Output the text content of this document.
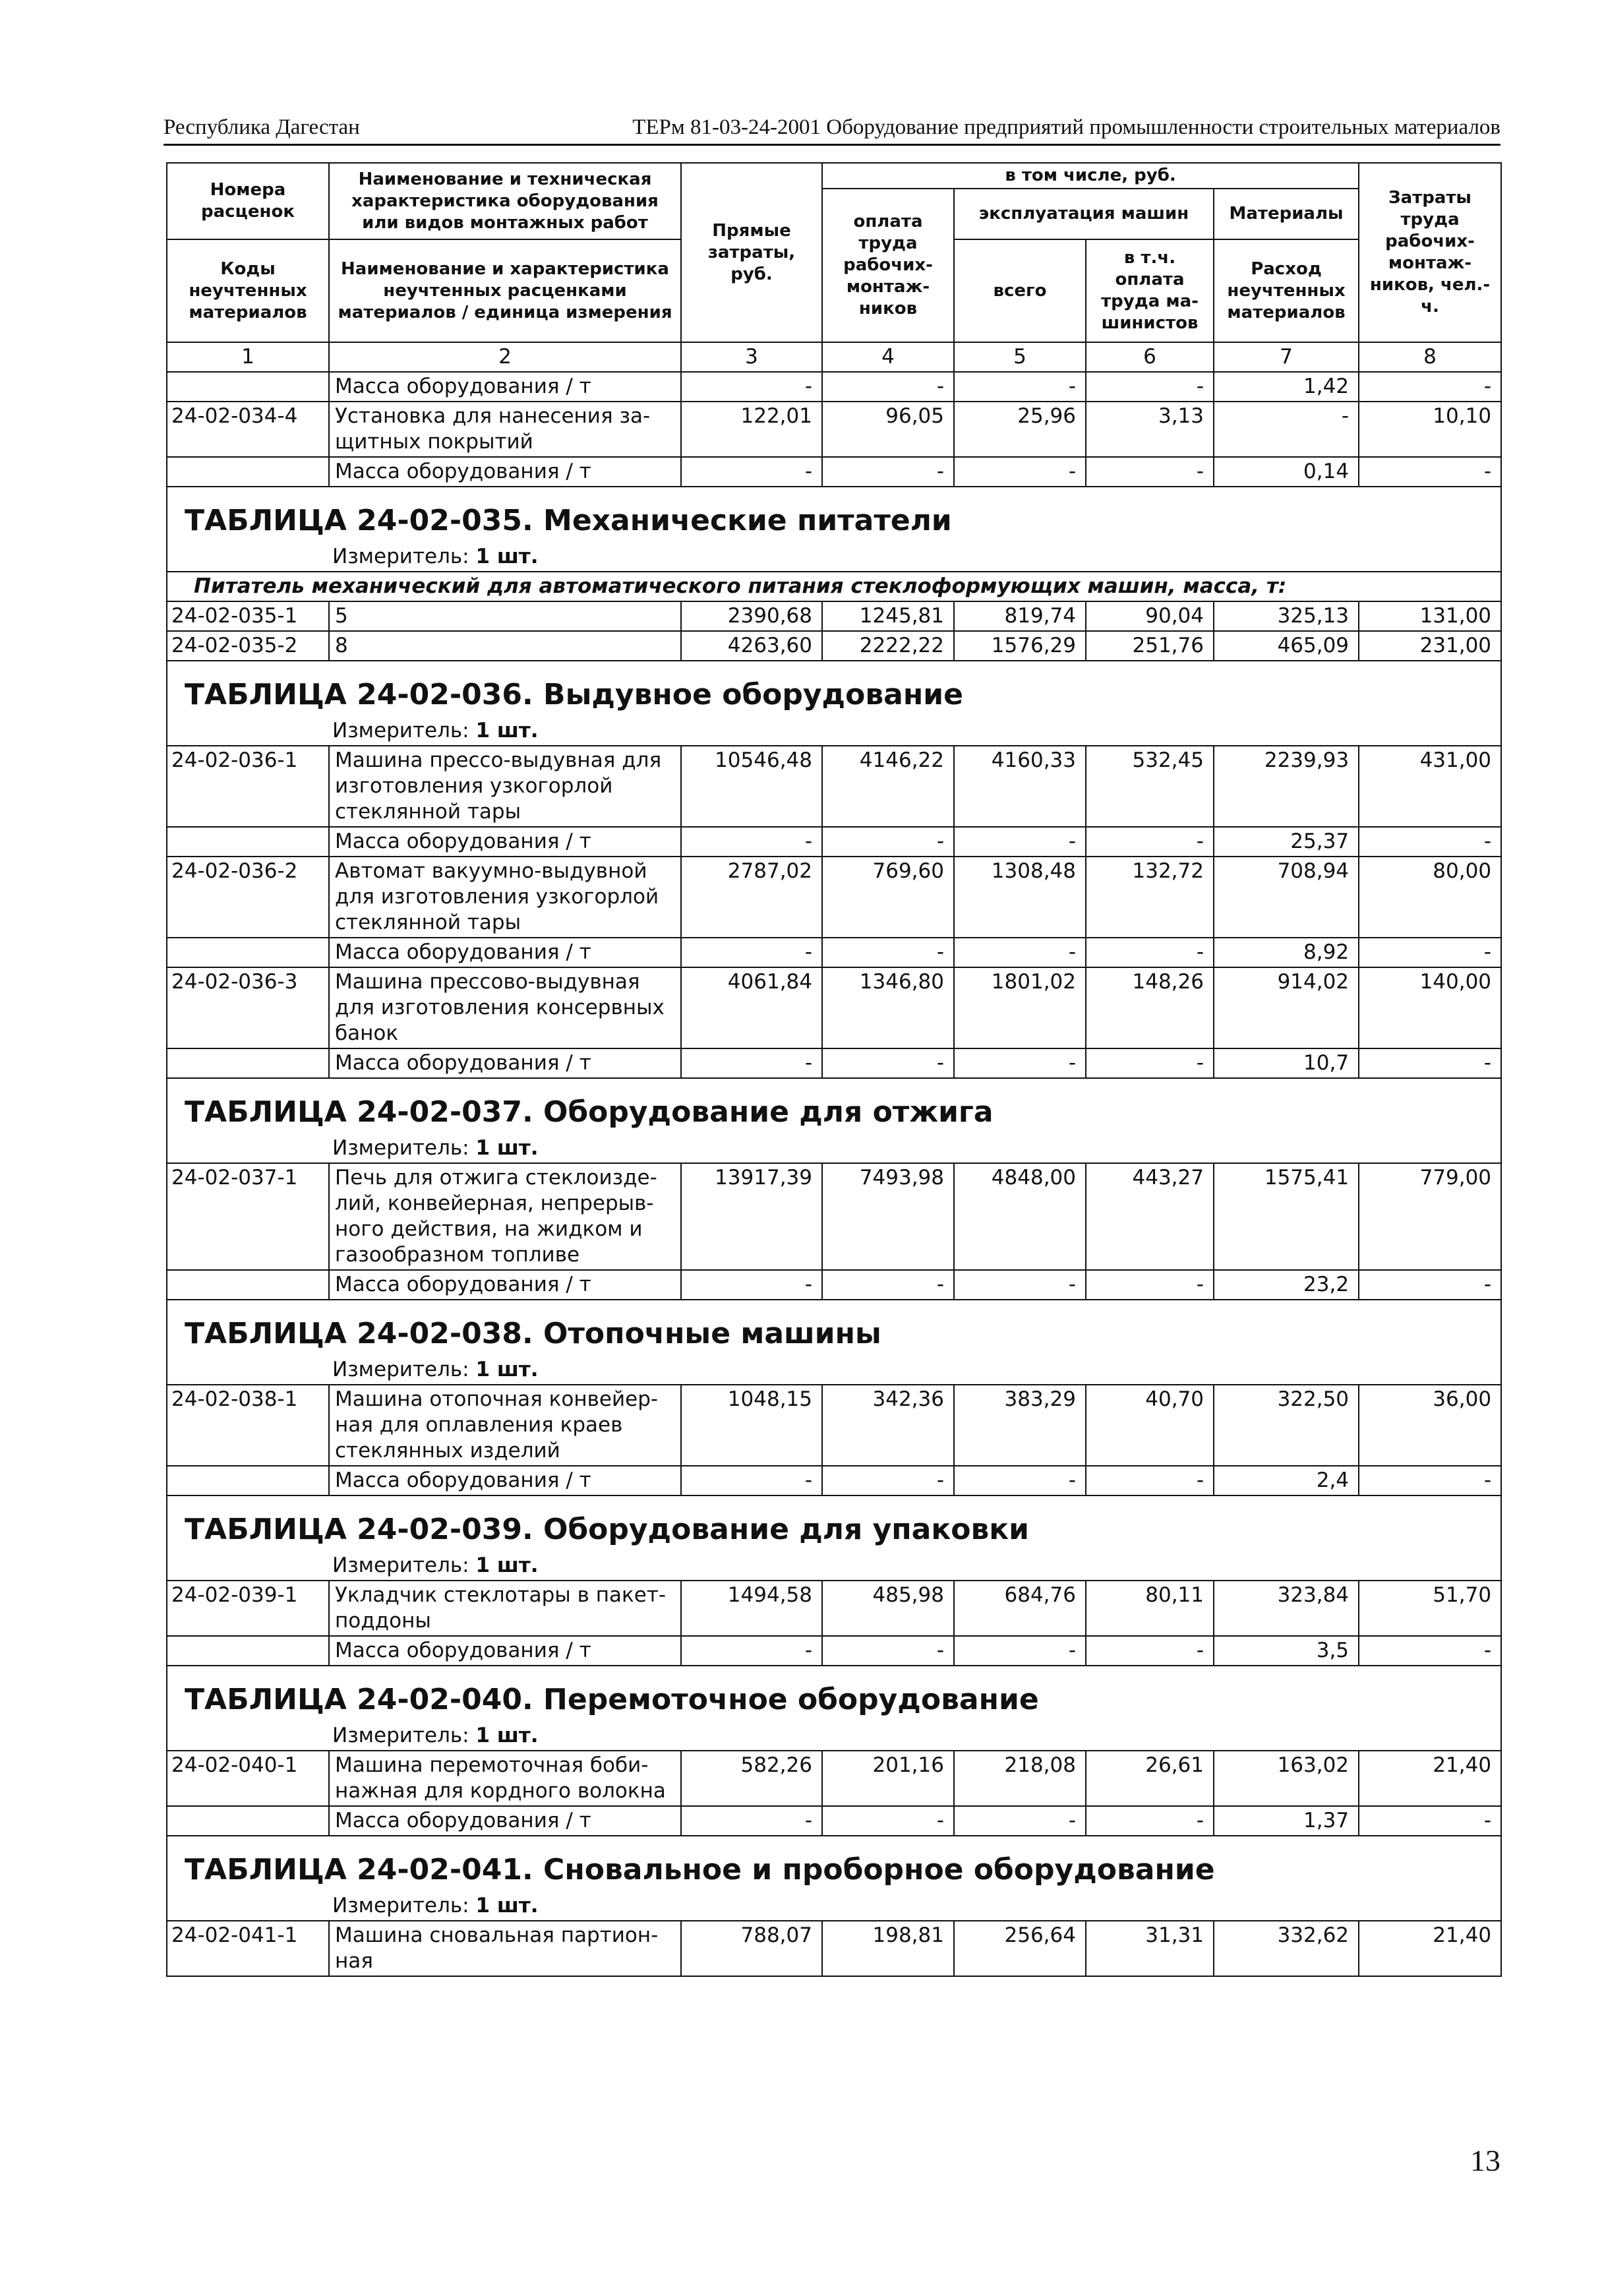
Республика Дагестан	ТЕРм 81-03-24-2001 Оборудование предприятий промышленности строительных материалов
Номера расценок	Наименование и техническая характеристика оборудования или видов монтажных работ	Прямые затраты, руб.	в том числе, руб.				Затраты труда рабочих-монтаж-ников, чел.-ч.
			оплата труда рабочих-монтаж-ников	эксплуатация машин		Материалы	
Коды неучтенных материалов	Наименование и характеристика неучтенных расценками материалов / единица измерения			всего	в т.ч. оплата труда ма-шинистов	Расход неучтенных материалов	

1	2	3	4	5	6	7	8
	Масса оборудования / т	-	-	-	-	1,42	-
24-02-034-4	Установка для нанесения за-щитных покрытий	122,01	96,05	25,96	3,13	-	10,10
	Масса оборудования / т	-	-	-	-	0,14	-
ТАБЛИЦА 24-02-035. Механические питатели							
Измеритель: 1 шт.							
Питатель механический для автоматического питания стеклоформующих машин, масса, т:							
24-02-035-1	5	2390,68	1245,81	819,74	90,04	325,13	131,00
24-02-035-2	8	4263,60	2222,22	1576,29	251,76	465,09	231,00
ТАБЛИЦА 24-02-036. Выдувное оборудование							
Измеритель: 1 шт.							
24-02-036-1	Машина прессо-выдувная для изготовления узкогорлой стеклянной тары	10546,48	4146,22	4160,33	532,45	2239,93	431,00
	Масса оборудования / т	-	-	-	-	25,37	-
24-02-036-2	Автомат вакуумно-выдувной для изготовления узкогорлой стеклянной тары	2787,02	769,60	1308,48	132,72	708,94	80,00
	Масса оборудования / т	-	-	-	-	8,92	-
24-02-036-3	Машина прессово-выдувная для изготовления консервных банок	4061,84	1346,80	1801,02	148,26	914,02	140,00
	Масса оборудования / т	-	-	-	-	10,7	-
ТАБЛИЦА 24-02-037. Оборудование для отжига							
Измеритель: 1 шт.							
24-02-037-1	Печь для отжига стеклоизде-лий, конвейерная, непрерыв-ного действия, на жидком и газообразном топливе	13917,39	7493,98	4848,00	443,27	1575,41	779,00
	Масса оборудования / т	-	-	-	-	23,2	-
ТАБЛИЦА 24-02-038. Отопочные машины							
Измеритель: 1 шт.							
24-02-038-1	Машина отопочная конвейер-ная для оплавления краев стеклянных изделий	1048,15	342,36	383,29	40,70	322,50	36,00
	Масса оборудования / т	-	-	-	-	2,4	-
ТАБЛИЦА 24-02-039. Оборудование для упаковки							
Измеритель: 1 шт.							
24-02-039-1	Укладчик стеклотары в пакет-поддоны	1494,58	485,98	684,76	80,11	323,84	51,70
	Масса оборудования / т	-	-	-	-	3,5	-
ТАБЛИЦА 24-02-040. Перемоточное оборудование							
Измеритель: 1 шт.							
24-02-040-1	Машина перемоточная боби-нажная для кордного волокна	582,26	201,16	218,08	26,61	163,02	21,40
	Масса оборудования / т	-	-	-	-	1,37	-
ТАБЛИЦА 24-02-041. Сновальное и проборное оборудование							
Измеритель: 1 шт.							
24-02-041-1	Машина сновальная партион-ная	788,07	198,81	256,64	31,31	332,62	21,40
13
